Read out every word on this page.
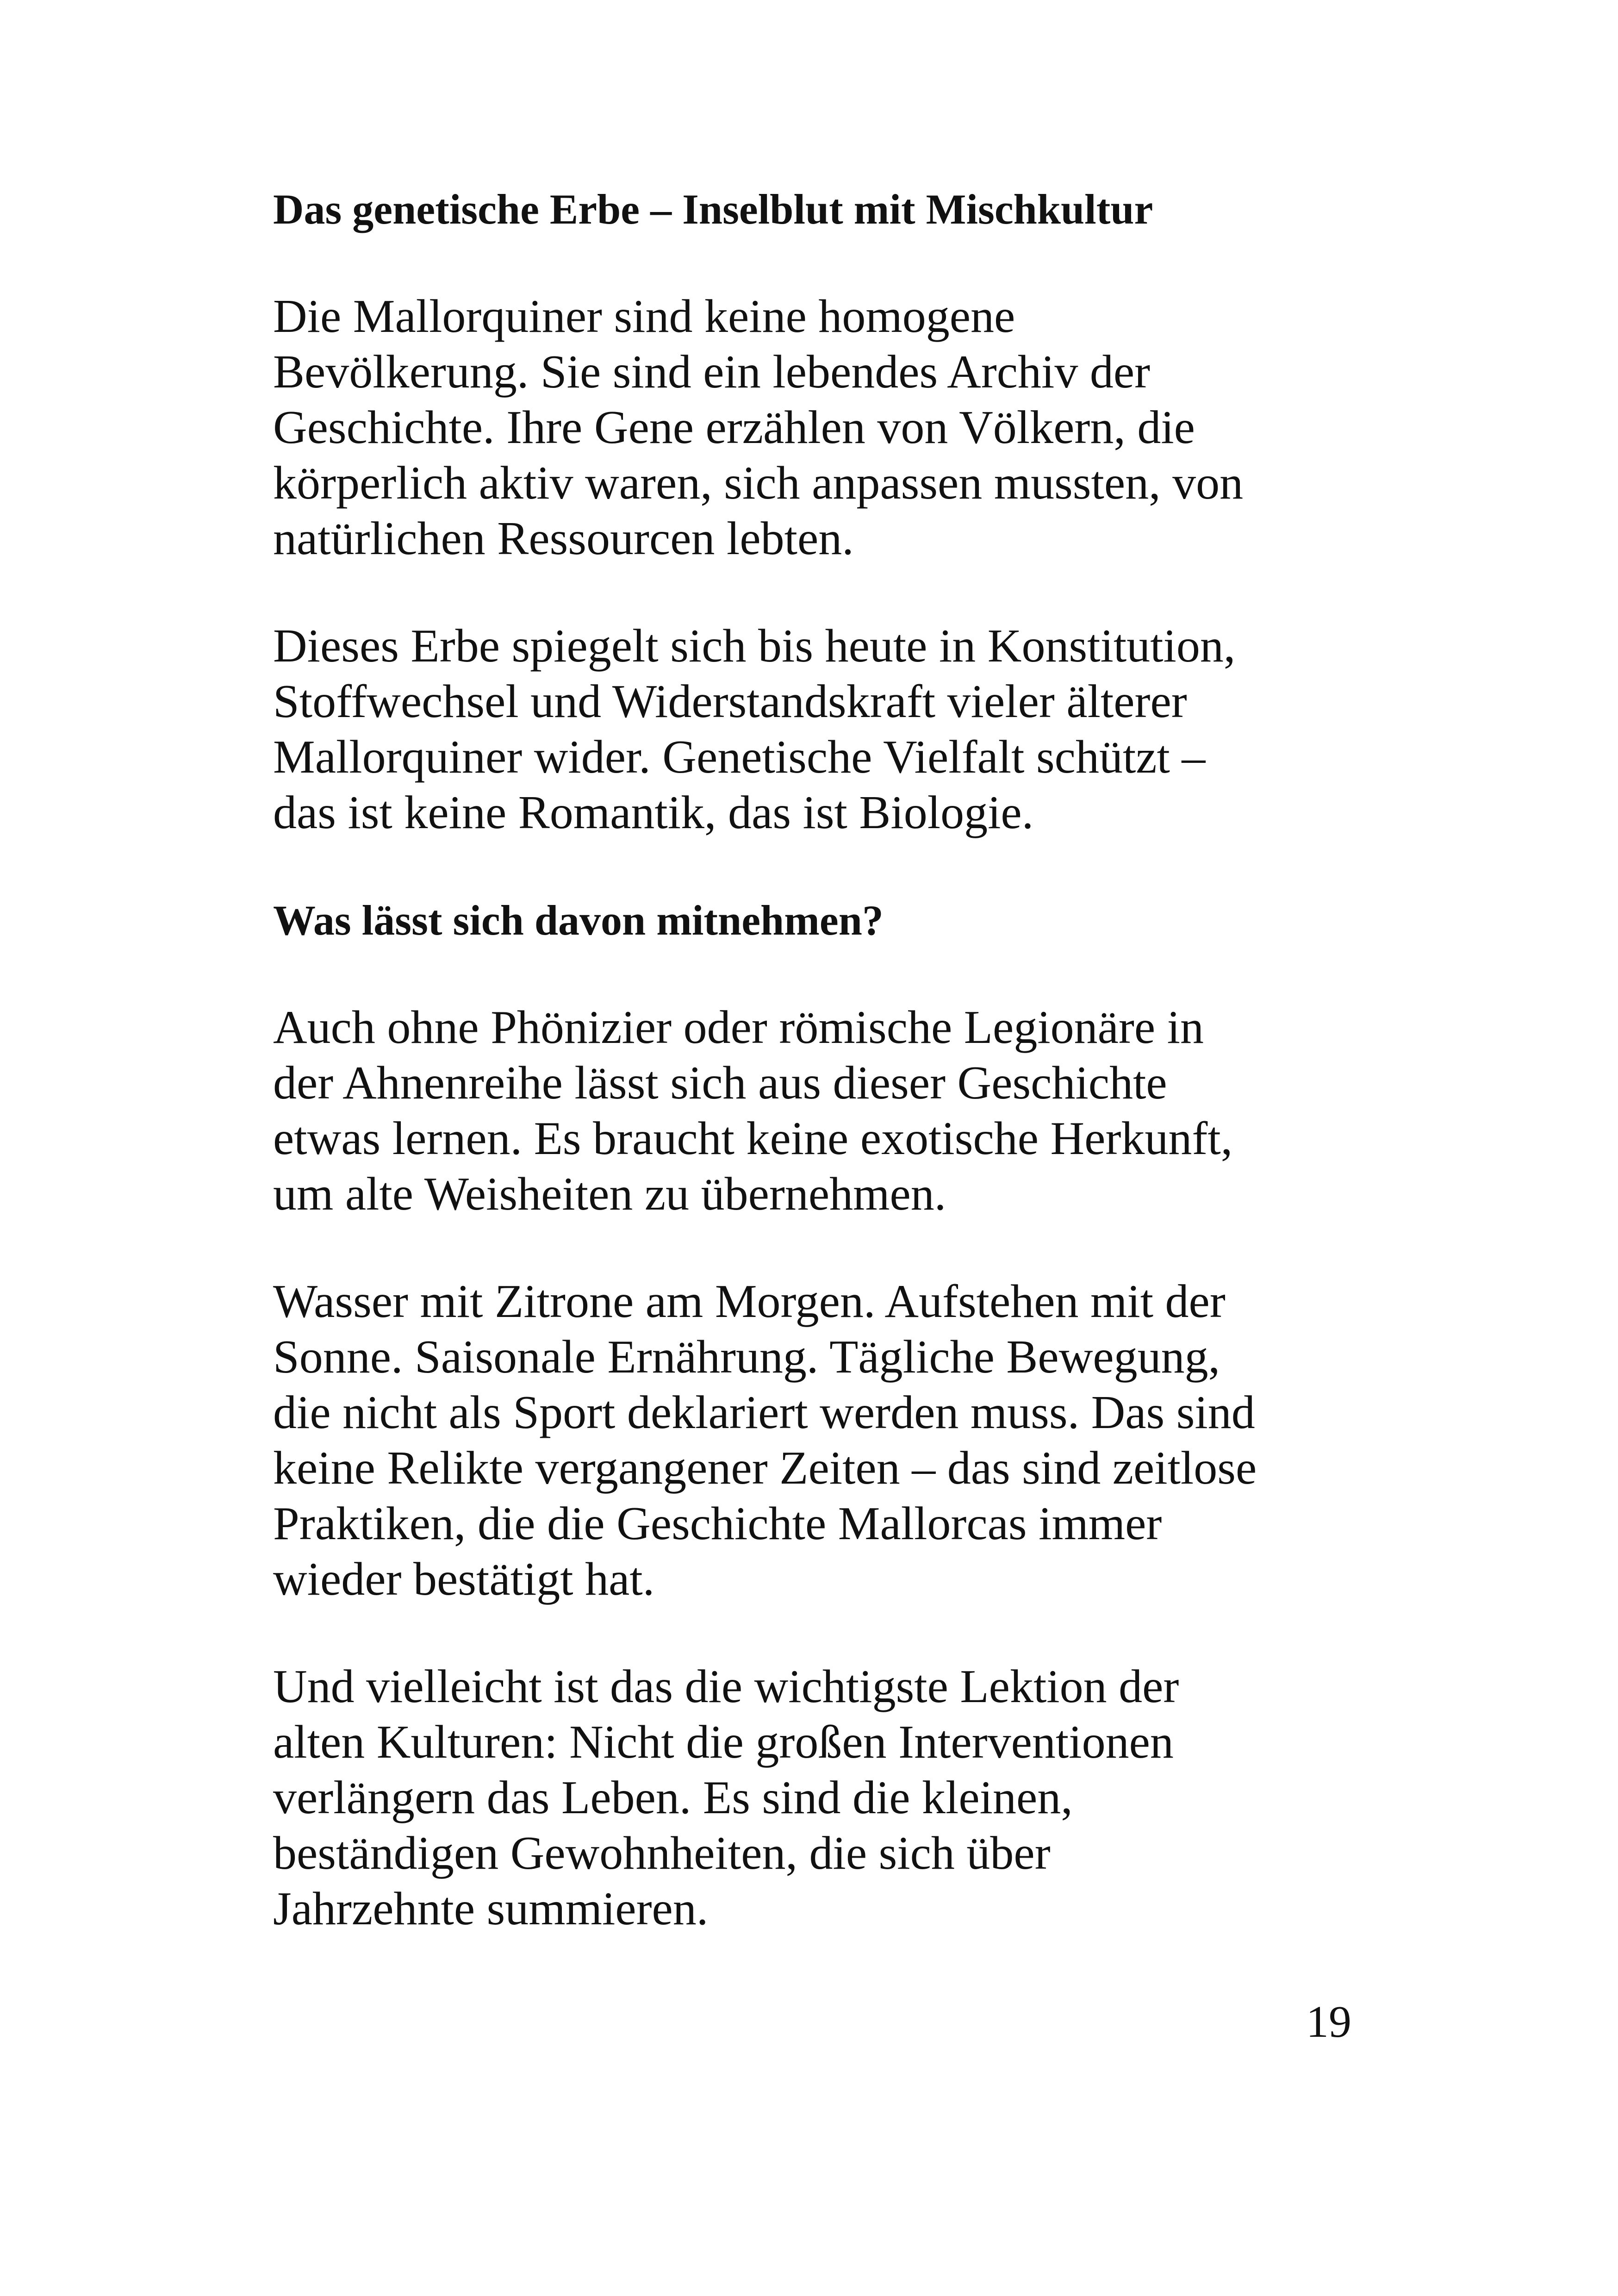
Das genetische Erbe – Inselblut mit Mischkultur

Die Mallorquiner sind keine homogene
Bevölkerung. Sie sind ein lebendes Archiv der
Geschichte. Ihre Gene erzählen von Völkern, die
körperlich aktiv waren, sich anpassen mussten, von
natürlichen Ressourcen lebten.

Dieses Erbe spiegelt sich bis heute in Konstitution,
Stoffwechsel und Widerstandskraft vieler älterer
Mallorquiner wider. Genetische Vielfalt schützt –
das ist keine Romantik, das ist Biologie.

Was lässt sich davon mitnehmen?

Auch ohne Phönizier oder römische Legionäre in
der Ahnenreihe lässt sich aus dieser Geschichte
etwas lernen. Es braucht keine exotische Herkunft,
um alte Weisheiten zu übernehmen.

Wasser mit Zitrone am Morgen. Aufstehen mit der
Sonne. Saisonale Ernährung. Tägliche Bewegung,
die nicht als Sport deklariert werden muss. Das sind
keine Relikte vergangener Zeiten – das sind zeitlose
Praktiken, die die Geschichte Mallorcas immer
wieder bestätigt hat.

Und vielleicht ist das die wichtigste Lektion der
alten Kulturen: Nicht die großen Interventionen
verlängern das Leben. Es sind die kleinen,
beständigen Gewohnheiten, die sich über
Jahrzehnte summieren.

19
